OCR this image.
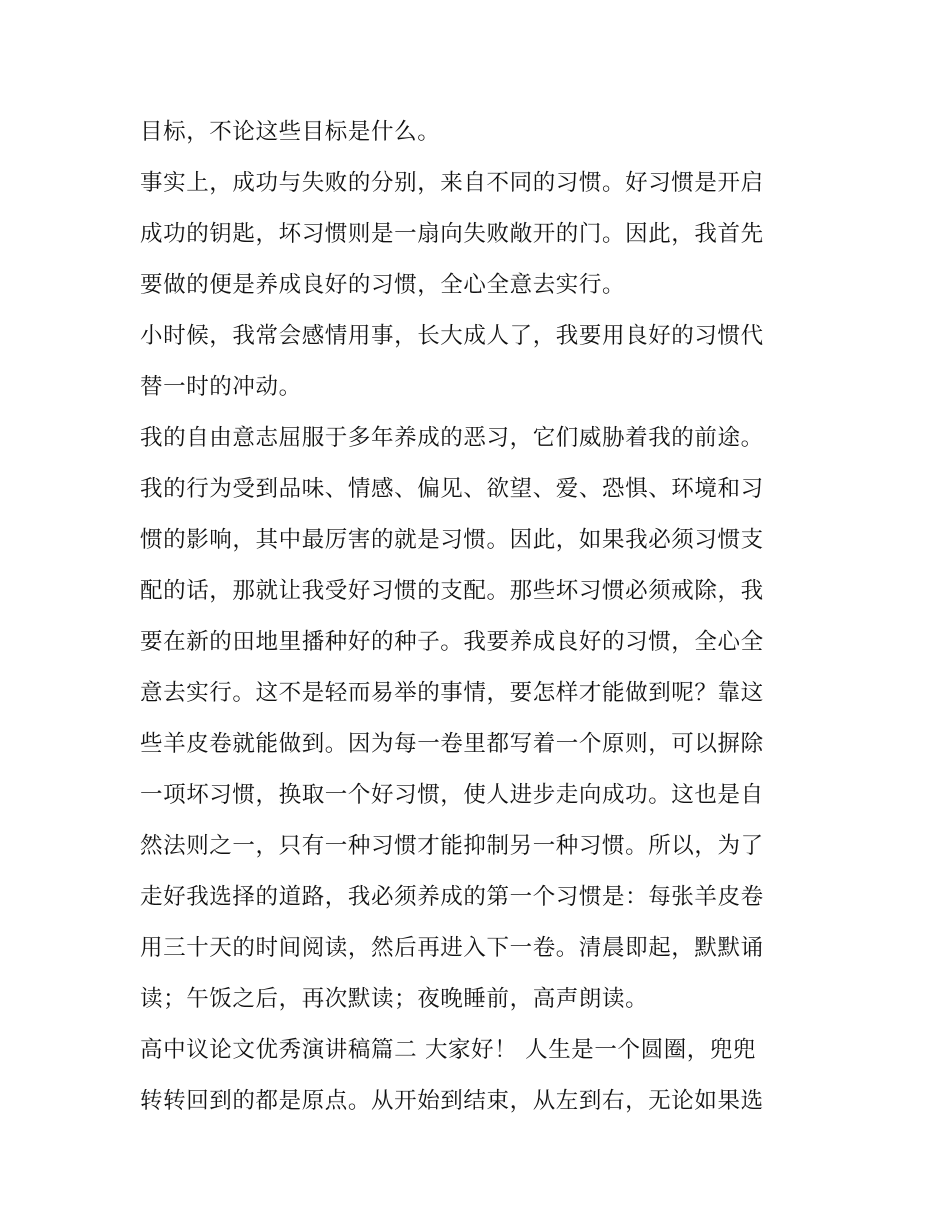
目标，不论这些目标是什么。
事实上，成功与失败的分别，来自不同的习惯。好习惯是开启
成功的钥匙，坏习惯则是一扇向失败敞开的门。因此，我首先
要做的便是养成良好的习惯，全心全意去实行。
小时候，我常会感情用事，长大成人了，我要用良好的习惯代
替一时的冲动。
我的自由意志屈服于多年养成的恶习，它们威胁着我的前途。
我的行为受到品味、情感、偏见、欲望、爱、恐惧、环境和习
惯的影响，其中最厉害的就是习惯。因此，如果我必须习惯支
配的话，那就让我受好习惯的支配。那些坏习惯必须戒除，我
要在新的田地里播种好的种子。我要养成良好的习惯，全心全
意去实行。这不是轻而易举的事情，要怎样才能做到呢？靠这
些羊皮卷就能做到。因为每一卷里都写着一个原则，可以摒除
一项坏习惯，换取一个好习惯，使人进步走向成功。这也是自
然法则之一，只有一种习惯才能抑制另一种习惯。所以，为了
走好我选择的道路，我必须养成的第一个习惯是：每张羊皮卷
用三十天的时间阅读，然后再进入下一卷。清晨即起，默默诵
读；午饭之后，再次默读；夜晚睡前，高声朗读。
高中议论文优秀演讲稿篇二 大家好！ 人生是一个圆圈，兜兜
转转回到的都是原点。从开始到结束，从左到右，无论如果选
